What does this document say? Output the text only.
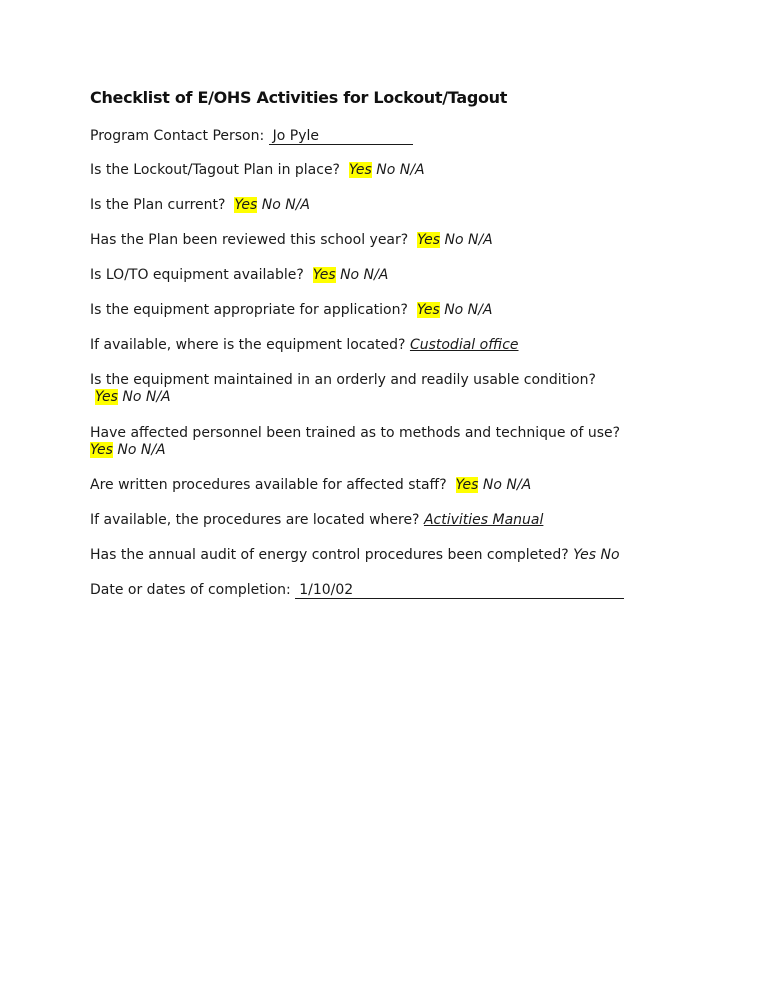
Checklist of E/OHS Activities for Lockout/Tagout
Program Contact Person: Jo Pyle
Is the Lockout/Tagout Plan in place? Yes No N/A
Is the Plan current? Yes No N/A
Has the Plan been reviewed this school year? Yes No N/A
Is LO/TO equipment available? Yes No N/A
Is the equipment appropriate for application? Yes No N/A
If available, where is the equipment located? Custodial office
Is the equipment maintained in an orderly and readily usable condition?
Yes No N/A
Have affected personnel been trained as to methods and technique of use?
Yes No N/A
Are written procedures available for affected staff? Yes No N/A
If available, the procedures are located where? Activities Manual
Has the annual audit of energy control procedures been completed? Yes No
Date or dates of completion: 1/10/02
